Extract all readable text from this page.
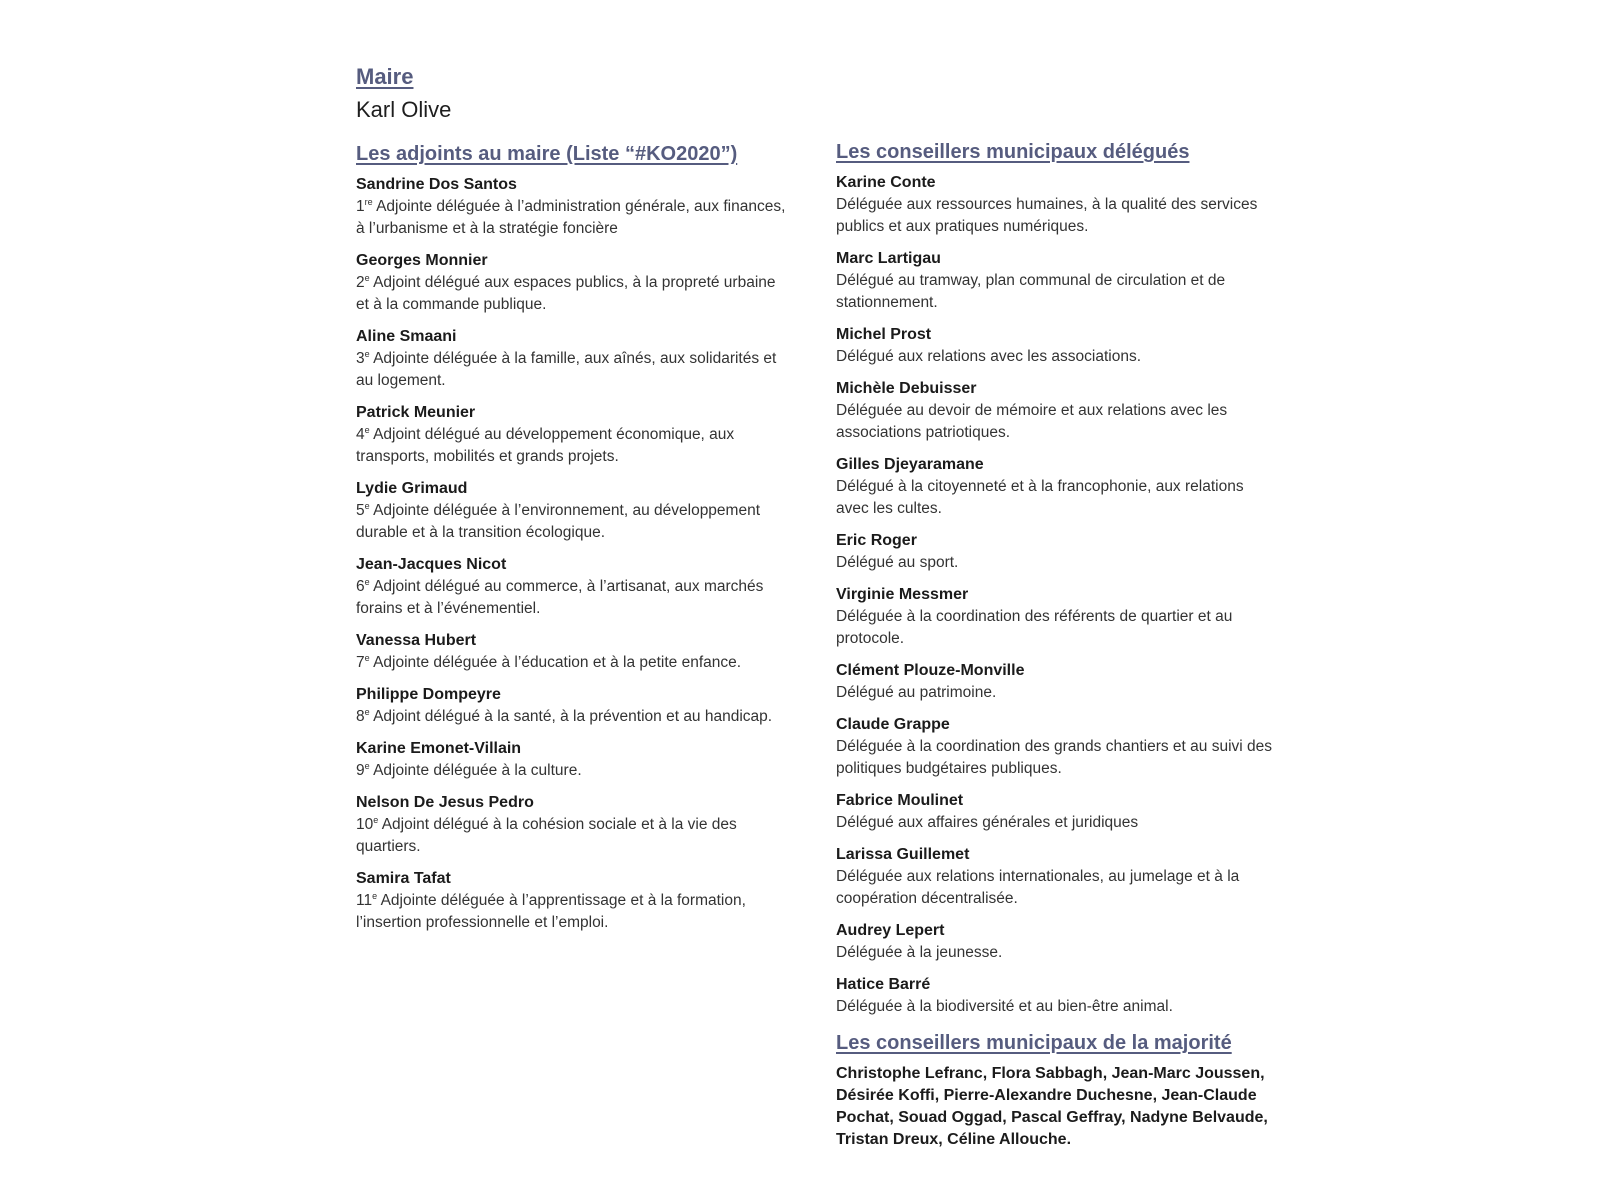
Maire
Karl Olive
Les adjoints au maire (Liste “#KO2020”)
Sandrine Dos Santos
1re Adjointe déléguée à l’administration générale, aux finances, à l’urbanisme et à la stratégie foncière
Georges Monnier
2e Adjoint délégué aux espaces publics, à la propreté urbaine et à la commande publique.
Aline Smaani
3e Adjointe déléguée à la famille, aux aînés, aux solidarités et au logement.
Patrick Meunier
4e Adjoint délégué au développement économique, aux transports, mobilités et grands projets.
Lydie Grimaud
5e Adjointe déléguée à l’environnement, au développement durable et à la transition écologique.
Jean-Jacques Nicot
6e Adjoint délégué au commerce, à l’artisanat, aux marchés forains et à l’événementiel.
Vanessa Hubert
7e Adjointe déléguée à l’éducation et à la petite enfance.
Philippe Dompeyre
8e Adjoint délégué à la santé, à la prévention et au handicap.
Karine Emonet-Villain
9e Adjointe déléguée à la culture.
Nelson De Jesus Pedro
10e Adjoint délégué à la cohésion sociale et à la vie des quartiers.
Samira Tafat
11e Adjointe déléguée à l’apprentissage et à la formation, l’insertion professionnelle et l’emploi.
Les conseillers municipaux délégués
Karine Conte
Déléguée aux ressources humaines, à la qualité des services publics et aux pratiques numériques.
Marc Lartigau
Délégué au tramway, plan communal de circulation et de stationnement.
Michel Prost
Délégué aux relations avec les associations.
Michèle Debuisser
Déléguée au devoir de mémoire et aux relations avec les associations patriotiques.
Gilles Djeyaramane
Délégué à la citoyenneté et à la francophonie, aux relations avec les cultes.
Eric Roger
Délégué au sport.
Virginie Messmer
Déléguée à la coordination des référents de quartier et au protocole.
Clément Plouze-Monville
Délégué au patrimoine.
Claude Grappe
Déléguée à la coordination des grands chantiers et au suivi des politiques budgétaires publiques.
Fabrice Moulinet
Délégué aux affaires générales et juridiques
Larissa Guillemet
Déléguée aux relations internationales, au jumelage et à la coopération décentralisée.
Audrey Lepert
Déléguée à la jeunesse.
Hatice Barré
Déléguée à la biodiversité et au bien-être animal.
Les conseillers municipaux de la majorité
Christophe Lefranc, Flora Sabbagh, Jean-Marc Joussen, Désirée Koffi, Pierre-Alexandre Duchesne, Jean-Claude Pochat, Souad Oggad, Pascal Geffray, Nadyne Belvaude, Tristan Dreux, Céline Allouche.
